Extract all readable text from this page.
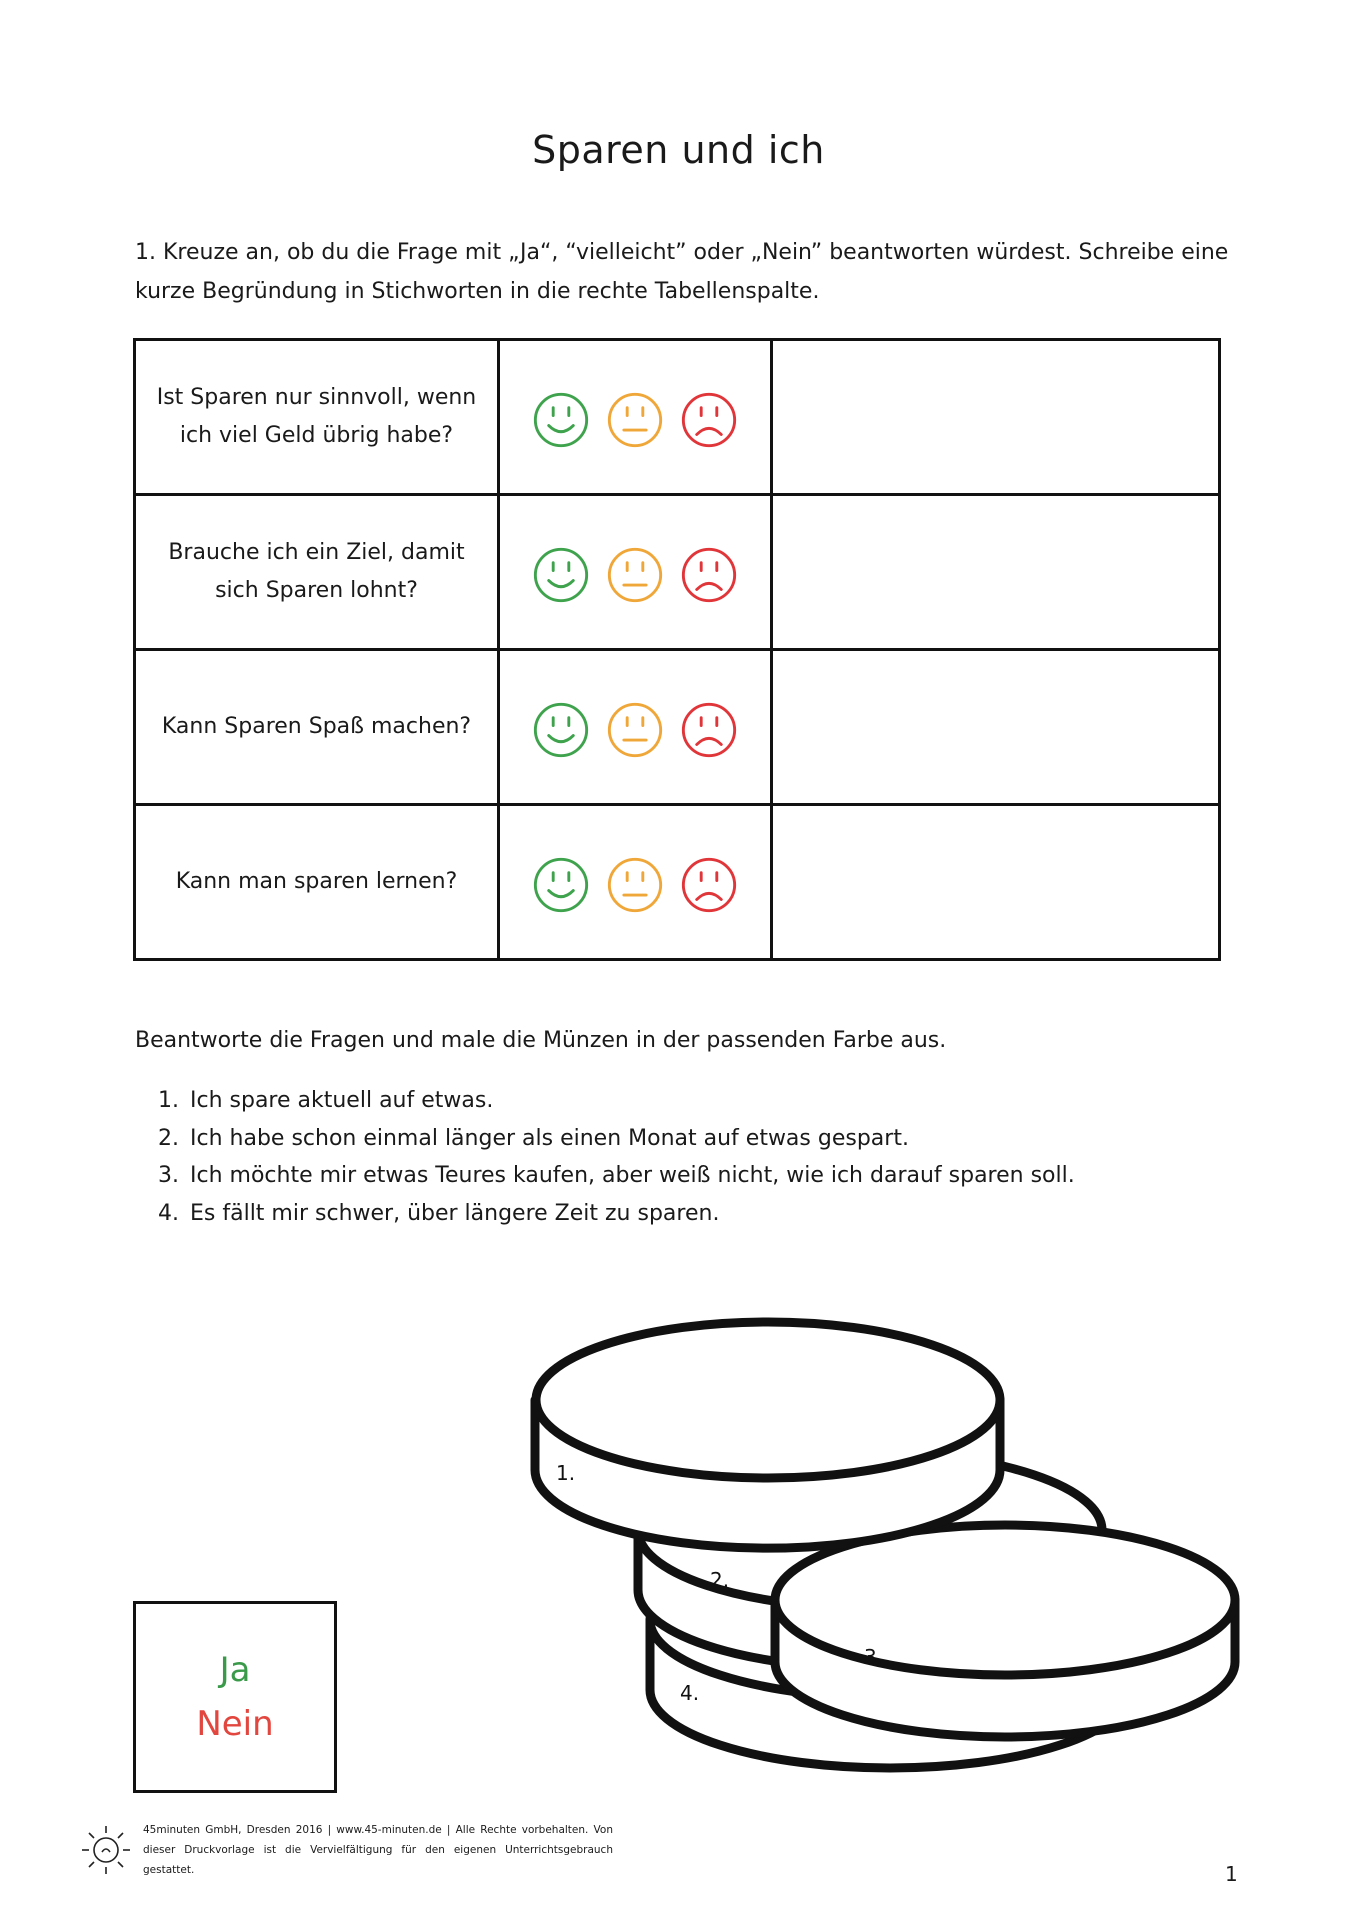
Sparen und ich
1. Kreuze an, ob du die Frage mit „Ja“, “vielleicht” oder „Nein” beantworten würdest. Schreibe eine kurze Begründung in Stichworten in die rechte Tabellenspalte.
Ist Sparen nur sinnvoll, wenn ich viel Geld übrig habe?	

Brauche ich ein Ziel, damit sich Sparen lohnt?	

Kann Sparen Spaß machen?	

Kann man sparen lernen?	

Beantworte die Fragen und male die Münzen in der passenden Farbe aus.
1. Ich spare aktuell auf etwas.
2. Ich habe schon einmal länger als einen Monat auf etwas gespart.
3. Ich möchte mir etwas Teures kaufen, aber weiß nicht, wie ich darauf sparen soll.
4. Es fällt mir schwer, über längere Zeit zu sparen.
1.
2.
3.
4.
Ja
Nein
45minuten GmbH, Dresden 2016 | www.45-minuten.de | Alle Rechte vorbehalten. Von dieser Druckvorlage ist die Vervielfältigung für den eigenen Unterrichtsgebrauch gestattet.	1
